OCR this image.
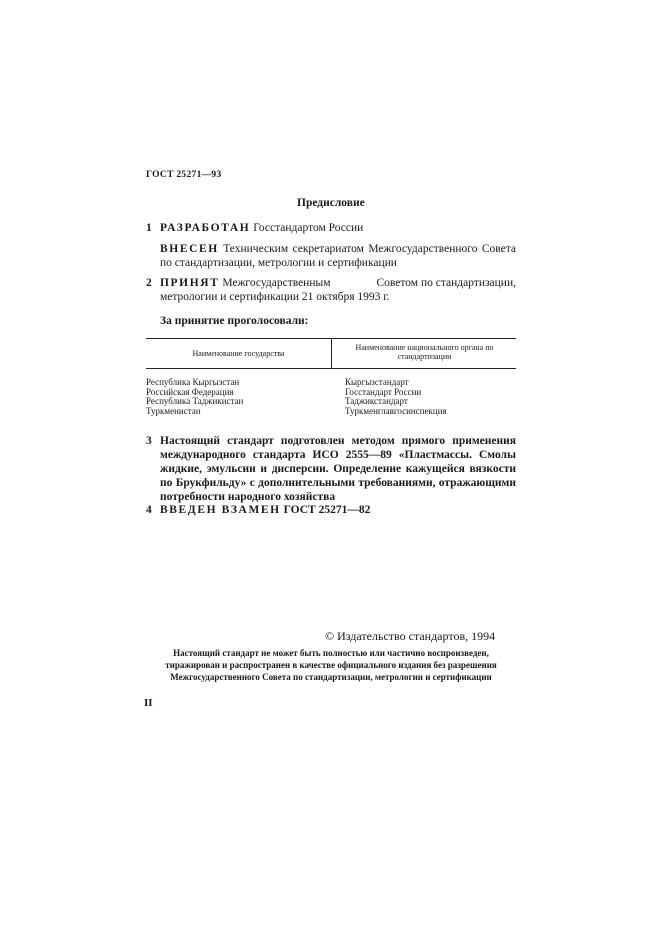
ГОСТ 25271—93
Предисловие
1 РАЗРАБОТАН Госстандартом России
ВНЕСЕН Техническим секретариатом Межгосударственного Совета по стандартизации, метрологии и сертификации
2 ПРИНЯТ Межгосударственным	Советом по стандартизации,
метрологии и сертификации 21 октября 1993 г.
За принятие проголосовали:
Наименование государства
Наименование национального органа по стандартизации
Республика Кыргызстан
Российская Федерация
Республика Таджикистан
Туркменистан
Кыргызстандарт
Госстандарт России
Таджикстандарт
Туркменглавгосинспекция
3 Настоящий стандарт подготовлен методом прямого применения международного стандарта ИСО 2555—89 «Пластмассы. Смолы жидкие, эмульсии и дисперсии. Определение кажущейся вязкости по Брукфильду» с дополнительными требованиями, отражающими потребности народного хозяйства
4 ВВЕДЕН ВЗАМЕН ГОСТ 25271—82
© Издательство стандартов, 1994
Настоящий стандарт не может быть полностью или частично воспроизведен, тиражирован и распространен в качестве официального издания без разрешения Межгосударственного Совета по стандартизации, метрологии и сертификации
II
